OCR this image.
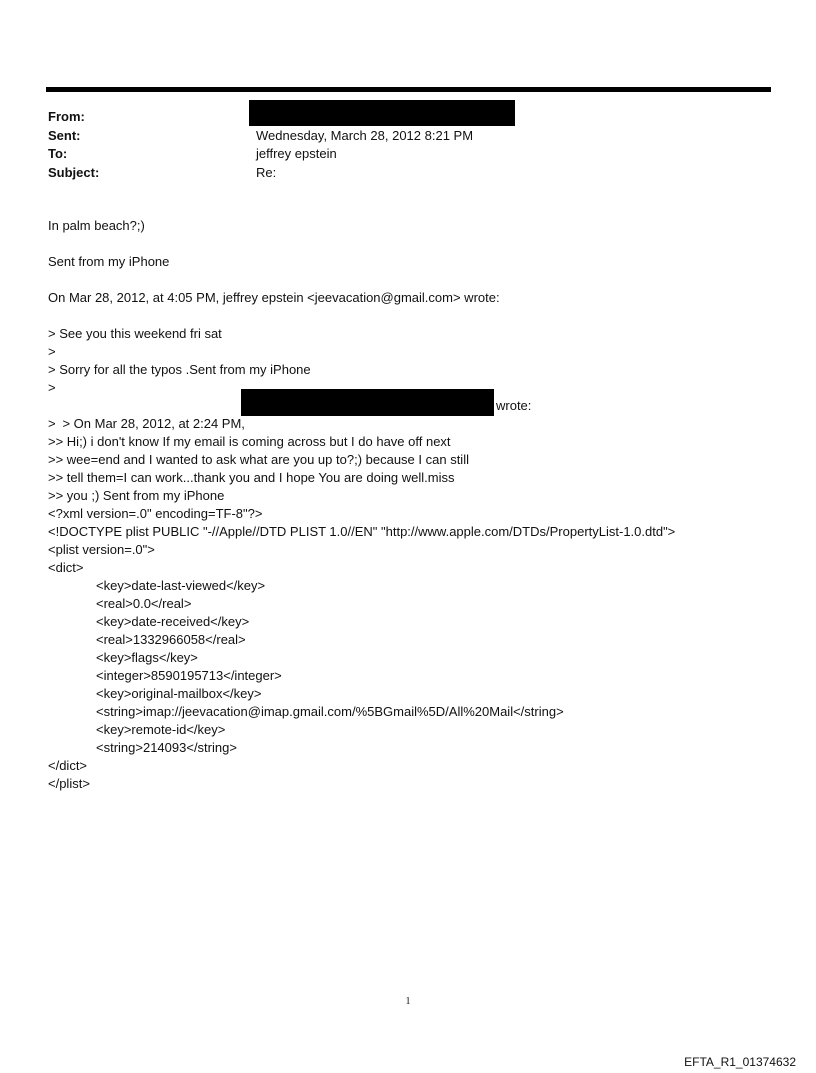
From:
Sent:	Wednesday, March 28, 2012 8:21 PM
To:	jeffrey epstein
Subject:	Re:
In palm beach?;)
Sent from my iPhone
On Mar 28, 2012, at 4:05 PM, jeffrey epstein <jeevacation@gmail.com> wrote:
> See you this weekend fri sat
>
> Sorry for all the typos .Sent from my iPhone
>

> On Mar 28, 2012, at 2:24 PM,

wrote:

>
>> Hi;) i don't know If my email is coming across but I do have off next
>> wee=end and I wanted to ask what are you up to?;) because I can still
>> tell them=I can work...thank you and I hope You are doing well.miss
>> you ;) Sent from my iPhone
<?xml version=.0" encoding=TF-8"?>
<!DOCTYPE plist PUBLIC "-//Apple//DTD PLIST 1.0//EN" "http://www.apple.com/DTDs/PropertyList-1.0.dtd">
<plist version=.0">
<dict>
<key>date-last-viewed</key>
<real>0.0</real>
<key>date-received</key>
<real>1332966058</real>
<key>flags</key>
<integer>8590195713</integer>
<key>original-mailbox</key>
<string>imap://jeevacation@imap.gmail.com/%5BGmail%5D/All%20Mail</string>
<key>remote-id</key>
<string>214093</string>
</dict>
</plist>
1
EFTA_R1_01374632
